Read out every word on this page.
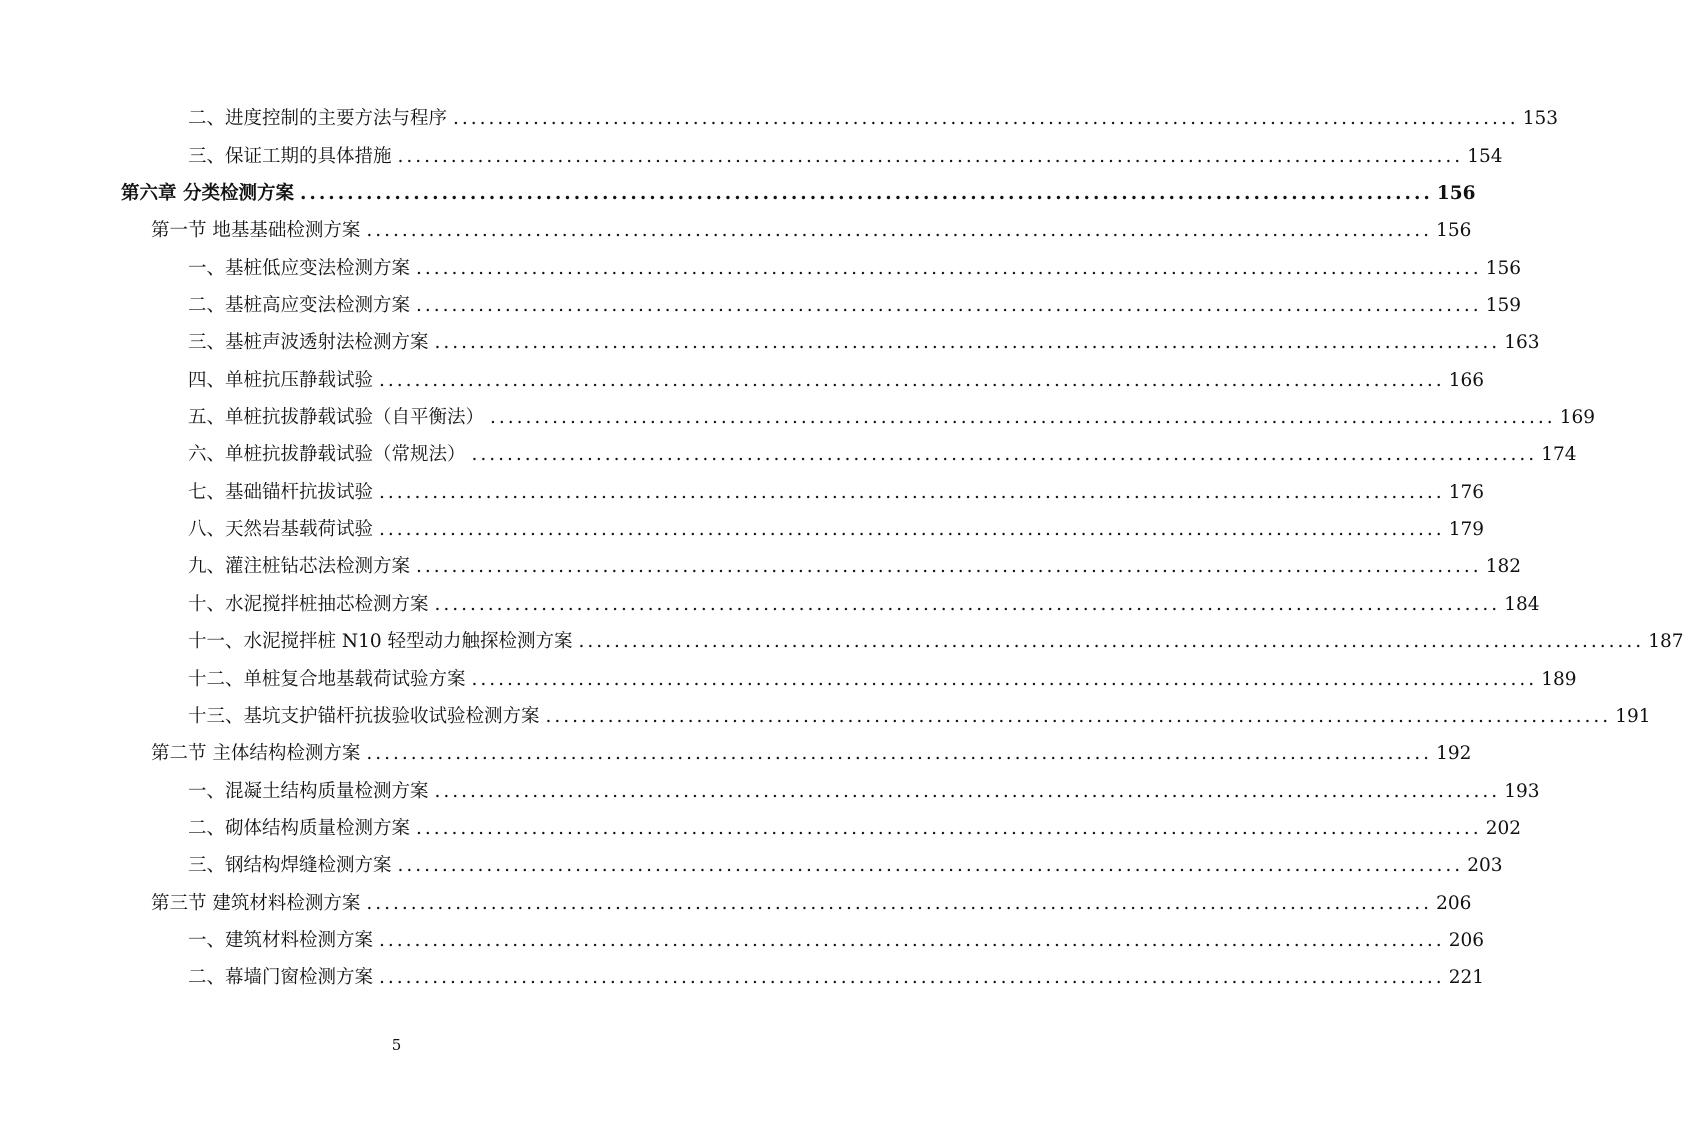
二、进度控制的主要方法与程序 ........................................................................................................................ 153
三、保证工期的具体措施 ........................................................................................................................ 154
第六章 分类检测方案 ........................................................................................................................ 156
第一节 地基基础检测方案 ........................................................................................................................ 156
一、基桩低应变法检测方案 ........................................................................................................................ 156
二、基桩高应变法检测方案 ........................................................................................................................ 159
三、基桩声波透射法检测方案 ........................................................................................................................ 163
四、单桩抗压静载试验 ........................................................................................................................ 166
五、单桩抗拔静载试验（自平衡法） ........................................................................................................................ 169
六、单桩抗拔静载试验（常规法） ........................................................................................................................ 174
七、基础锚杆抗拔试验 ........................................................................................................................ 176
八、天然岩基载荷试验 ........................................................................................................................ 179
九、灌注桩钻芯法检测方案 ........................................................................................................................ 182
十、水泥搅拌桩抽芯检测方案 ........................................................................................................................ 184
十一、水泥搅拌桩 N10 轻型动力触探检测方案 ........................................................................................................................ 187
十二、单桩复合地基载荷试验方案 ........................................................................................................................ 189
十三、基坑支护锚杆抗拔验收试验检测方案 ........................................................................................................................ 191
第二节 主体结构检测方案 ........................................................................................................................ 192
一、混凝土结构质量检测方案 ........................................................................................................................ 193
二、砌体结构质量检测方案 ........................................................................................................................ 202
三、钢结构焊缝检测方案 ........................................................................................................................ 203
第三节 建筑材料检测方案 ........................................................................................................................ 206
一、建筑材料检测方案 ........................................................................................................................ 206
二、幕墙门窗检测方案 ........................................................................................................................ 221
5
